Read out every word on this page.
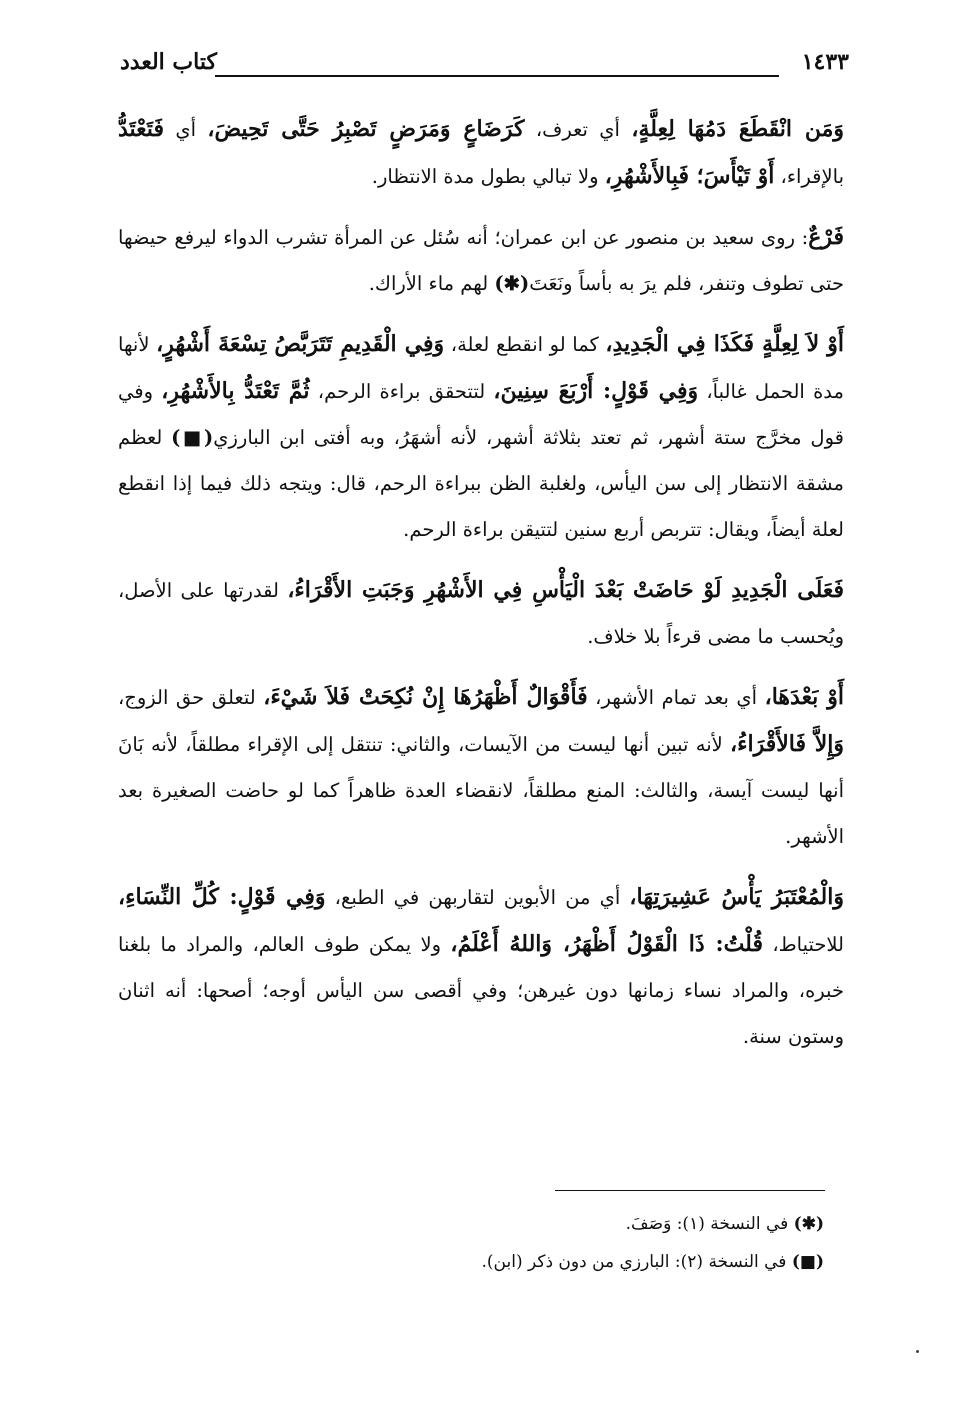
١٤٣٣
كتاب العدد

وَمَن انْقَطَعَ دَمُهَا لِعِلَّةٍ، أي تعرف، كَرَضَاعٍ وَمَرَضٍ تَصْبِرُ حَتَّى تَحِيضَ، أي فَتَعْتَدُّ بالإقراء، أَوْ تَيْأَسَ؛ فَبِالأَشْهُرِ، ولا تبالي بطول مدة الانتظار.

فَرْعٌ: روى سعيد بن منصور عن ابن عمران؛ أنه سُئل عن المرأة تشرب الدواء ليرفع حيضها حتى تطوف وتنفر، فلم يرَ به بأساً ونَعَتَ(✱) لهم ماء الأراك.

أَوْ لاَ لِعِلَّةٍ فَكَذَا فِي الْجَدِيدِ، كما لو انقطع لعلة، وَفِي الْقَدِيمِ تَتَرَبَّصُ تِسْعَةَ أَشْهُرٍ، لأنها مدة الحمل غالباً، وَفِي قَوْلٍ: أَرْبَعَ سِنِينَ، لتتحقق براءة الرحم، ثُمَّ تَعْتَدُّ بِالأَشْهُرِ، وفي قول مخرَّج ستة أشهر، ثم تعتد بثلاثة أشهر، لأنه أشهَرُ، وبه أفتى ابن البارزي(■) لعظم مشقة الانتظار إلى سن اليأس، ولغلبة الظن ببراءة الرحم، قال: ويتجه ذلك فيما إذا انقطع لعلة أيضاً، ويقال: تتربص أربع سنين لتتيقن براءة الرحم.

فَعَلَى الْجَدِيدِ لَوْ حَاضَتْ بَعْدَ الْيَأْسِ فِي الأَشْهُرِ وَجَبَتِ الأَقْرَاءُ، لقدرتها على الأصل، ويُحسب ما مضى قرءاً بلا خلاف.

أَوْ بَعْدَهَا، أي بعد تمام الأشهر، فَأَقْوَالٌ أَظْهَرُهَا إِنْ نُكِحَتْ فَلاَ شَيْءَ، لتعلق حق الزوج، وَإِلاَّ فَالأَقْرَاءُ، لأنه تبين أنها ليست من الآيسات، والثاني: تنتقل إلى الإقراء مطلقاً، لأنه بَانَ أنها ليست آيسة، والثالث: المنع مطلقاً، لانقضاء العدة ظاهراً كما لو حاضت الصغيرة بعد الأشهر.

وَالْمُعْتَبَرُ يَأْسُ عَشِيرَتِهَا، أي من الأبوين لتقاربهن في الطبع، وَفِي قَوْلٍ: كُلِّ النِّسَاءِ، للاحتياط، قُلْتُ: ذَا الْقَوْلُ أَظْهَرُ، وَاللهُ أَعْلَمُ، ولا يمكن طوف العالم، والمراد ما بلغنا خبره، والمراد نساء زمانها دون غيرهن؛ وفي أقصى سن اليأس أوجه؛ أصحها: أنه اثنان وستون سنة.

(✱) في النسخة (١): وَصَفَ.

(■) في النسخة (٢): البارزي من دون ذكر (ابن).
